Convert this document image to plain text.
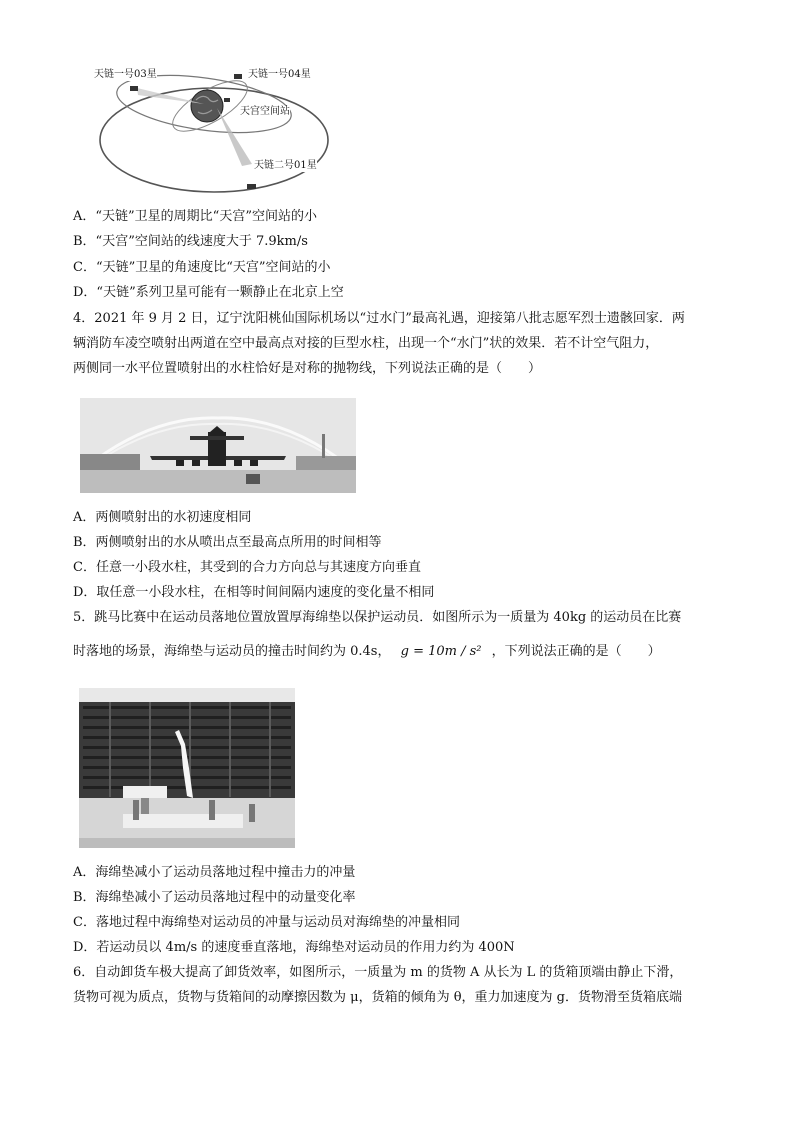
天链一号03星	天链一号04星
天宫空间站
天链二号01星
A．“天链”卫星的周期比“天宫”空间站的小
B．“天宫”空间站的线速度大于 7.9km/s
C．“天链”卫星的角速度比“天宫”空间站的小
D．“天链”系列卫星可能有一颗静止在北京上空
4．2021 年 9 月 2 日，辽宁沈阳桃仙国际机场以“过水门”最高礼遇，迎接第八批志愿军烈士遗骸回家．两
辆消防车凌空喷射出两道在空中最高点对接的巨型水柱，出现一个“水门”状的效果．若不计空气阻力，
两侧同一水平位置喷射出的水柱恰好是对称的抛物线，下列说法正确的是（　　）
A．两侧喷射出的水初速度相同
B．两侧喷射出的水从喷出点至最高点所用的时间相等
C．任意一小段水柱，其受到的合力方向总与其速度方向垂直
D．取任意一小段水柱，在相等时间间隔内速度的变化量不相同
5．跳马比赛中在运动员落地位置放置厚海绵垫以保护运动员．如图所示为一质量为 40kg 的运动员在比赛
时落地的场景，海绵垫与运动员的撞击时间约为 0.4s， g = 10m / s² ，下列说法正确的是（　　）
A．海绵垫减小了运动员落地过程中撞击力的冲量
B．海绵垫减小了运动员落地过程中的动量变化率
C．落地过程中海绵垫对运动员的冲量与运动员对海绵垫的冲量相同
D．若运动员以 4m/s 的速度垂直落地，海绵垫对运动员的作用力约为 400N
6．自动卸货车极大提高了卸货效率，如图所示，一质量为 m 的货物 A 从长为 L 的货箱顶端由静止下滑，
货物可视为质点，货物与货箱间的动摩擦因数为 μ，货箱的倾角为 θ，重力加速度为 g．货物滑至货箱底端
